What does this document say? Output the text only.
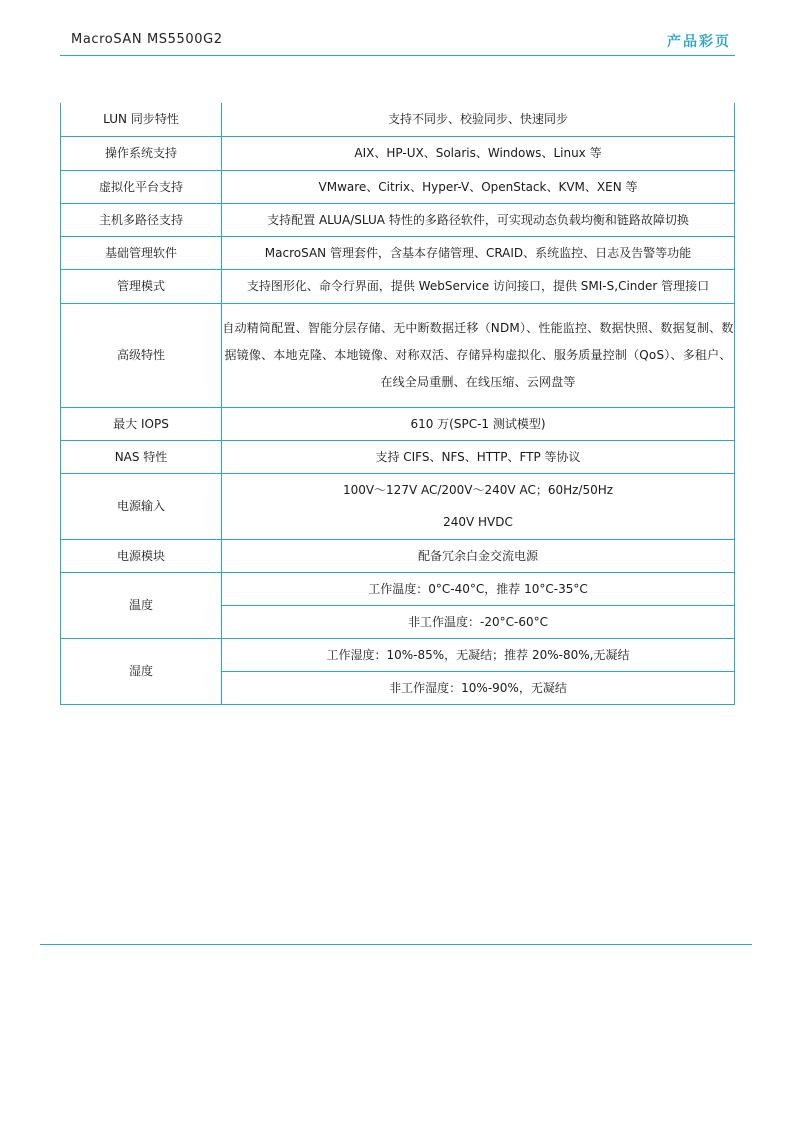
MacroSAN MS5500G2	产品彩页
LUN 同步特性	支持不同步、校验同步、快速同步
操作系统支持	AIX、HP-UX、Solaris、Windows、Linux 等
虚拟化平台支持	VMware、Citrix、Hyper-V、OpenStack、KVM、XEN 等
主机多路径支持	支持配置 ALUA/SLUA 特性的多路径软件，可实现动态负载均衡和链路故障切换
基础管理软件	MacroSAN 管理套件，含基本存储管理、CRAID、系统监控、日志及告警等功能
管理模式	支持图形化、命令行界面，提供 WebService 访问接口，提供 SMI-S,Cinder 管理接口
高级特性	自动精简配置、智能分层存储、无中断数据迁移（NDM）、性能监控、数据快照、数据复制、数据镜像、本地克隆、本地镜像、对称双活、存储异构虚拟化、服务质量控制（QoS）、多租户、在线全局重删、在线压缩、云网盘等
最大 IOPS	610 万(SPC-1 测试模型)
NAS 特性	支持 CIFS、NFS、HTTP、FTP 等协议
电源输入	100V～127V AC/200V～240V AC；60Hz/50Hz
	240V HVDC
电源模块	配备冗余白金交流电源
温度	工作温度：0°C-40°C，推荐 10°C-35°C
	非工作温度：-20°C-60°C
湿度	工作湿度：10%-85%，无凝结；推荐 20%-80%,无凝结
	非工作湿度：10%-90%，无凝结
